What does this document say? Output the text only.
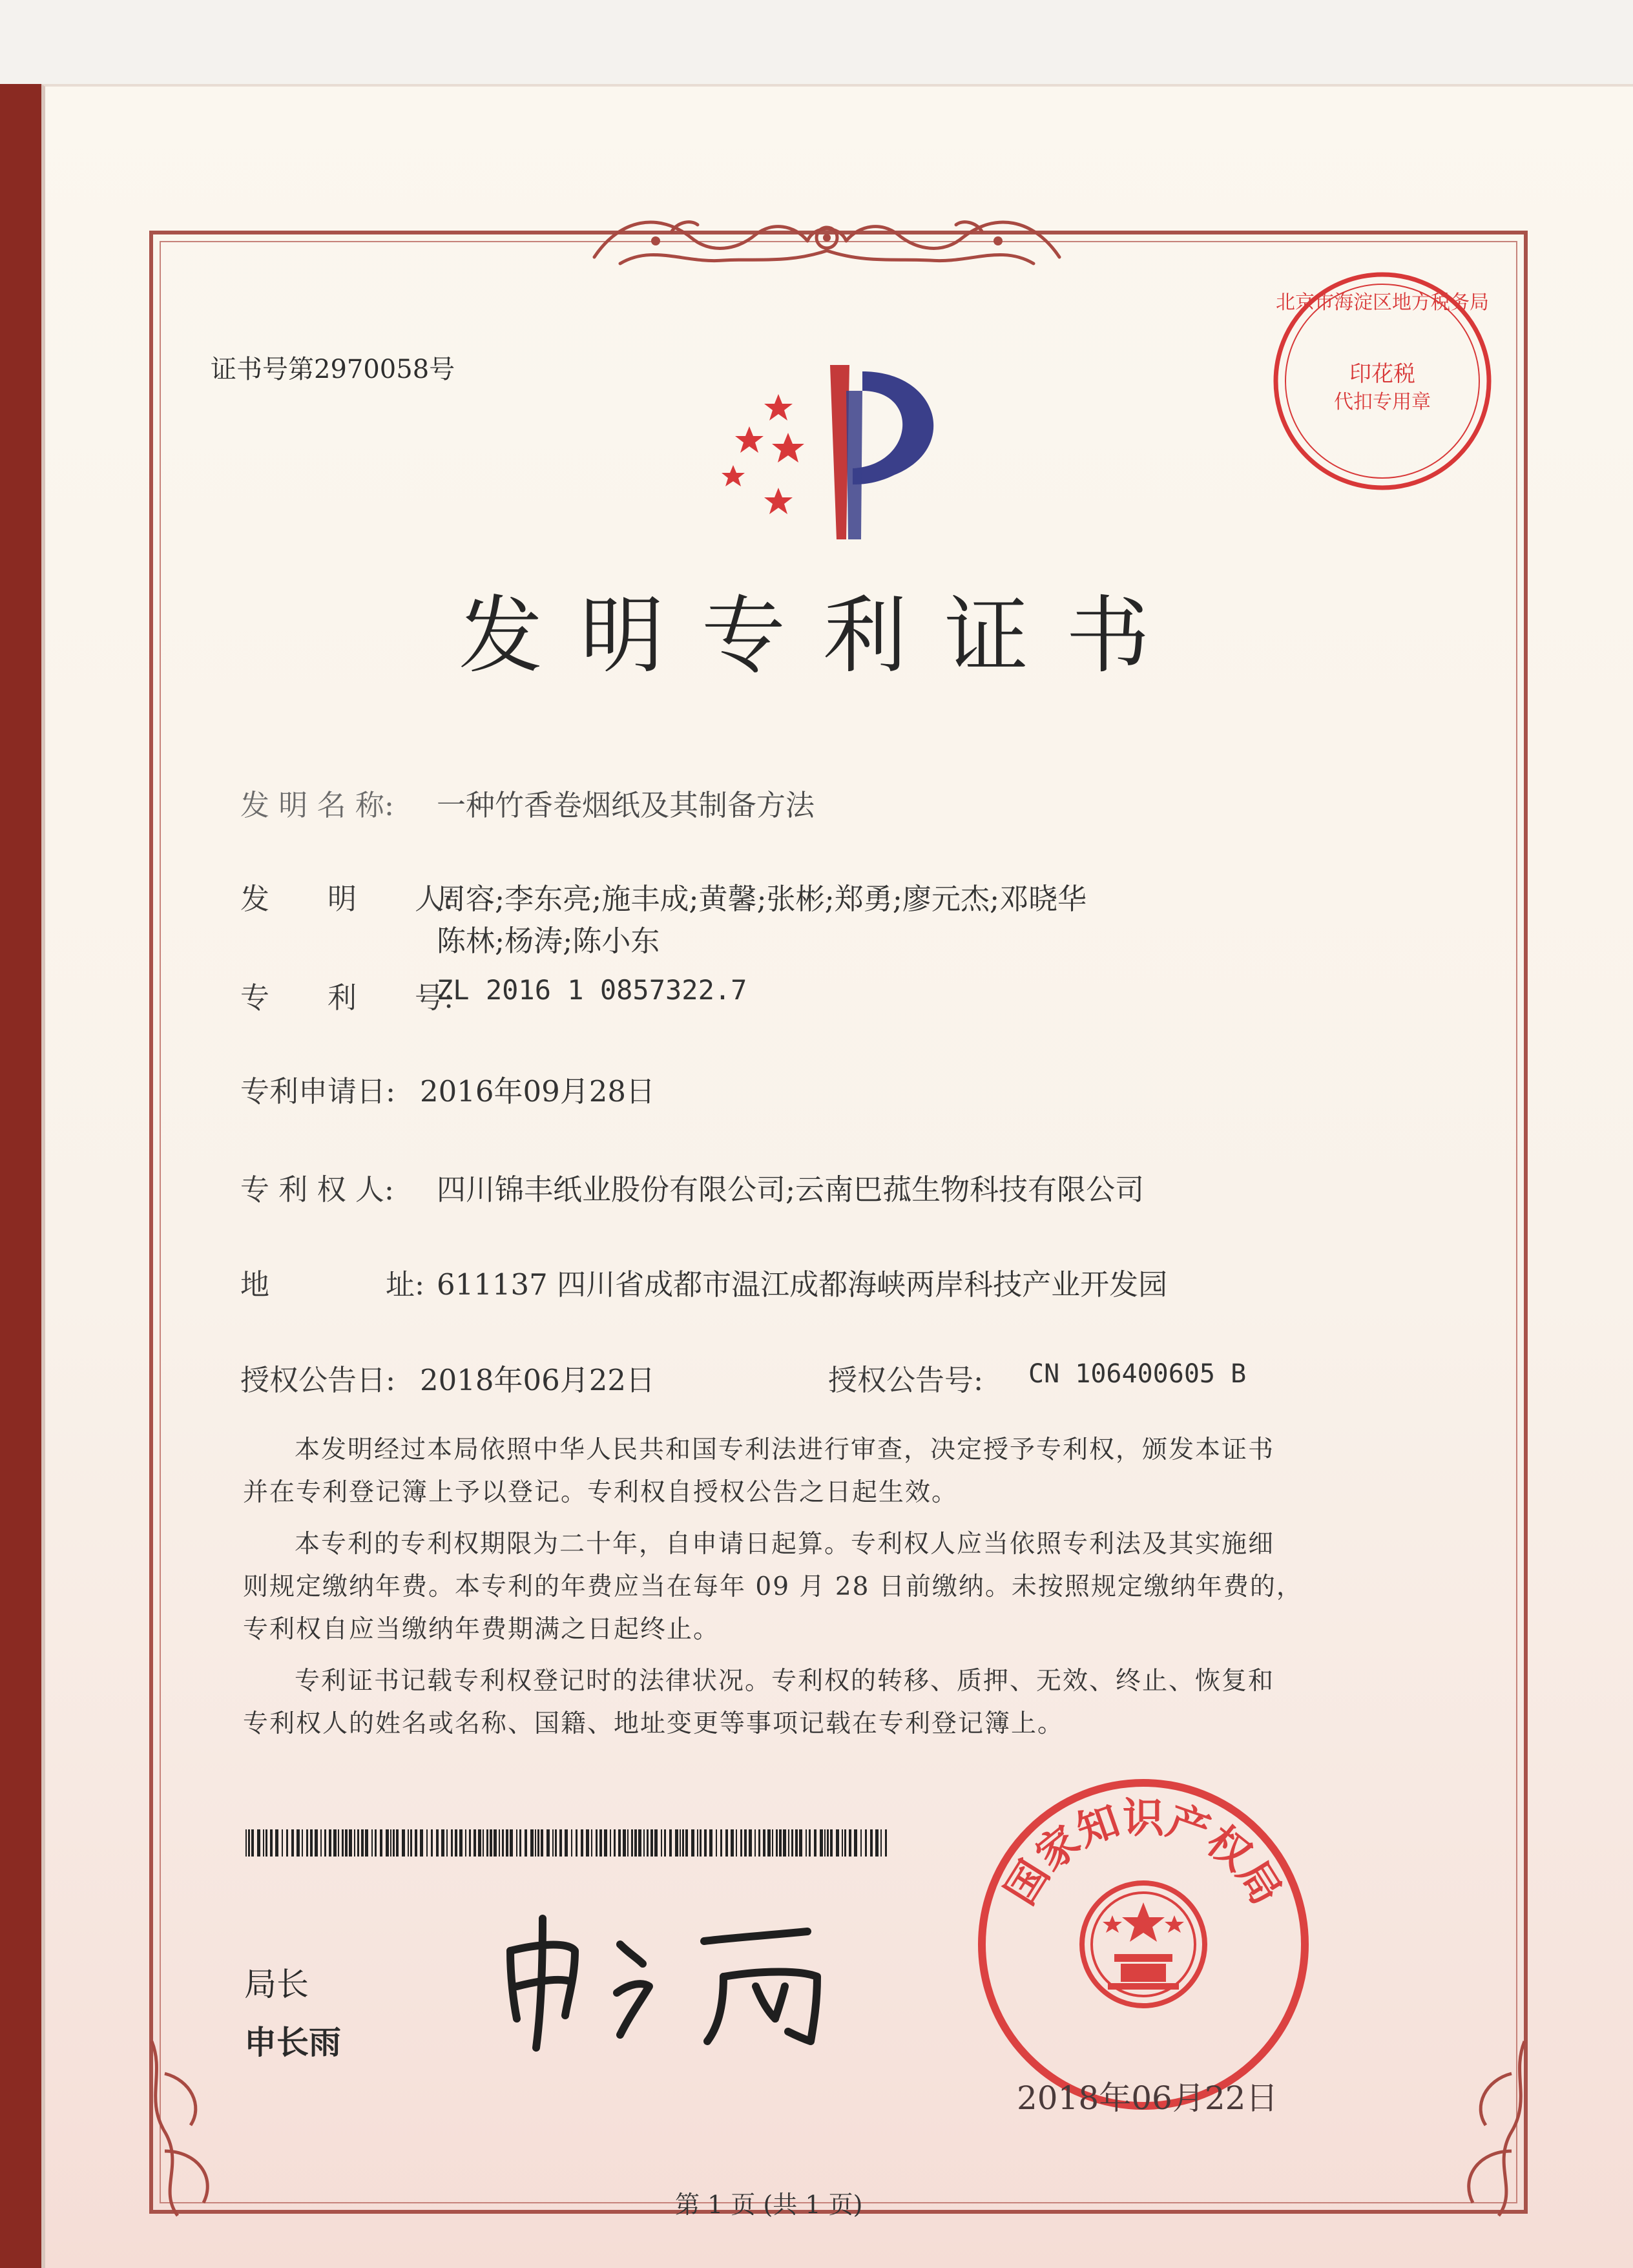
证书号第2970058号
发明专利证书
北京市海淀区地方税务局
印花税
代扣专用章
发 明 名 称: 一种竹香卷烟纸及其制备方法
发　　明　　人:
周容;李东亮;施丰成;黄馨;张彬;郑勇;廖元杰;邓晓华
陈林;杨涛;陈小东
专　　利　　号:
ZL 2016 1 0857322.7
专利申请日: 2016年09月28日
专 利 权 人: 四川锦丰纸业股份有限公司;云南巴菰生物科技有限公司
地　　　　址: 611137 四川省成都市温江成都海峡两岸科技产业开发园
授权公告日: 2018年06月22日	授权公告号: CN 106400605 B
本发明经过本局依照中华人民共和国专利法进行审查，决定授予专利权，颁发本证书
并在专利登记簿上予以登记。专利权自授权公告之日起生效。
本专利的专利权期限为二十年，自申请日起算。专利权人应当依照专利法及其实施细
则规定缴纳年费。本专利的年费应当在每年 09 月 28 日前缴纳。未按照规定缴纳年费的，
专利权自应当缴纳年费期满之日起终止。
专利证书记载专利权登记时的法律状况。专利权的转移、质押、无效、终止、恢复和
专利权人的姓名或名称、国籍、地址变更等事项记载在专利登记簿上。
局长
申长雨
国家知识产权局
2018年06月22日
第 1 页 (共 1 页)
